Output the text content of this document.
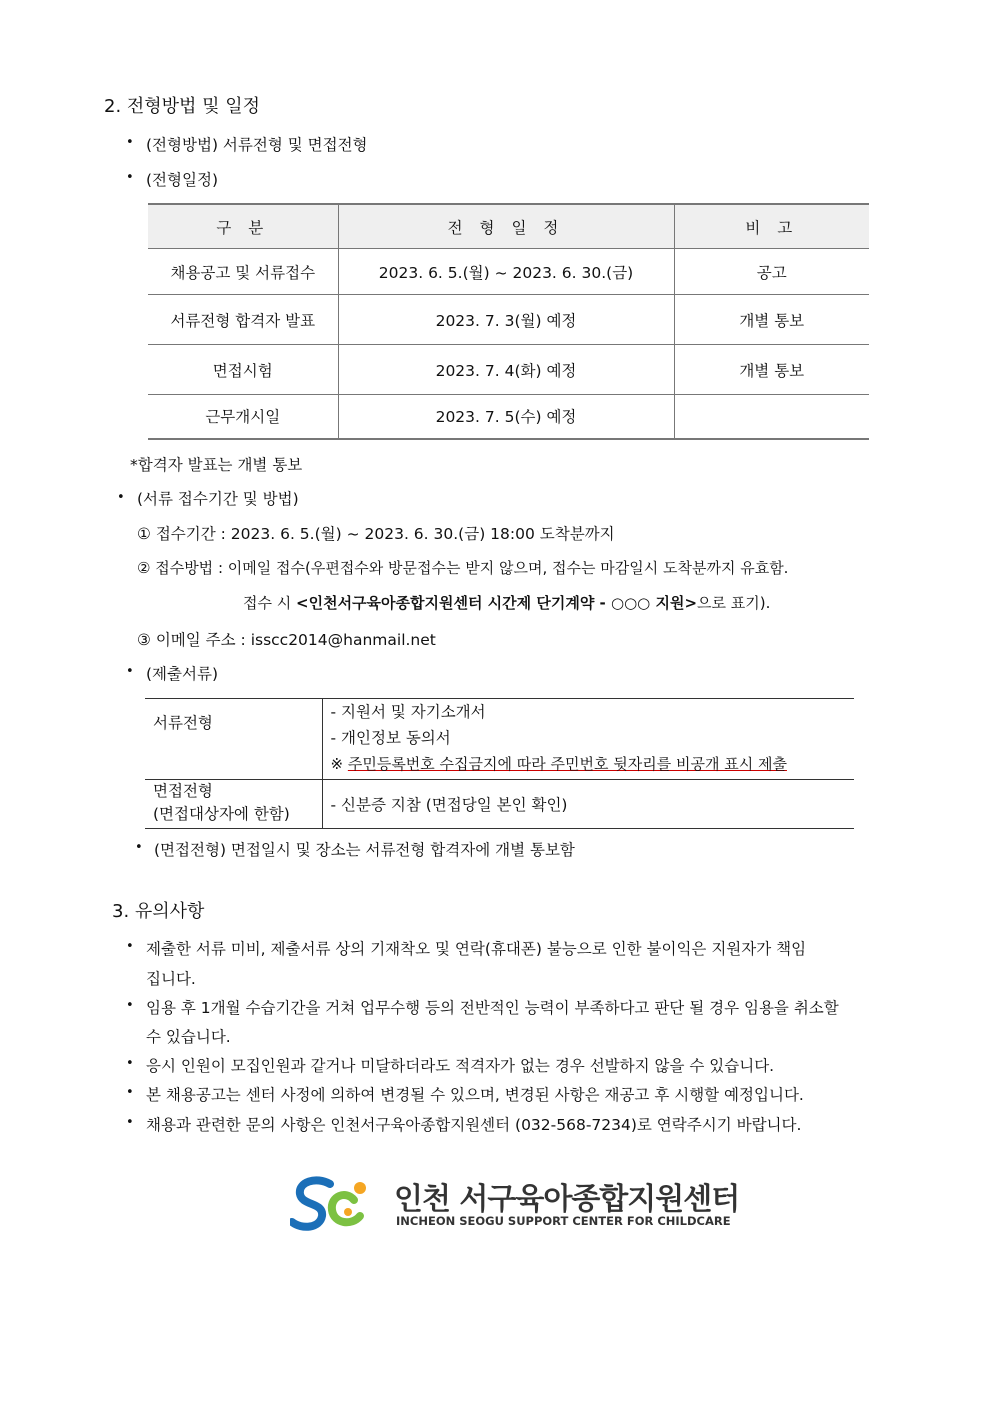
2. 전형방법 및 일정
• (전형방법) 서류전형 및 면접전형
• (전형일정)
구 분	전 형 일 정	비 고
채용공고 및 서류접수	2023. 6. 5.(월) ~ 2023. 6. 30.(금)	공고
서류전형 합격자 발표	2023. 7. 3(월) 예정	개별 통보
면접시험	2023. 7. 4(화) 예정	개별 통보
근무개시일	2023. 7. 5(수) 예정	
*합격자 발표는 개별 통보
• (서류 접수기간 및 방법)
① 접수기간 : 2023. 6. 5.(월) ~ 2023. 6. 30.(금) 18:00 도착분까지
② 접수방법 : 이메일 접수(우편접수와 방문접수는 받지 않으며, 접수는 마감일시 도착분까지 유효함.
접수 시 <인천서구육아종합지원센터 시간제 단기계약 - ○○○ 지원>으로 표기).
③ 이메일 주소 : isscc2014@hanmail.net
• (제출서류)
서류전형	- 지원서 및 자기소개서
- 개인정보 동의서
※ 주민등록번호 수집금지에 따라 주민번호 뒷자리를 비공개 표시 제출

면접전형
(면접대상자에 한함)	- 신분증 지참 (면접당일 본인 확인)
• (면접전형) 면접일시 및 장소는 서류전형 합격자에 개별 통보함
3. 유의사항
• 제출한 서류 미비, 제출서류 상의 기재착오 및 연락(휴대폰) 불능으로 인한 불이익은 지원자가 책임
집니다.
• 임용 후 1개월 수습기간을 거쳐 업무수행 등의 전반적인 능력이 부족하다고 판단 될 경우 임용을 취소할
수 있습니다.
• 응시 인원이 모집인원과 같거나 미달하더라도 적격자가 없는 경우 선발하지 않을 수 있습니다.
• 본 채용공고는 센터 사정에 의하여 변경될 수 있으며, 변경된 사항은 재공고 후 시행할 예정입니다.
• 채용과 관련한 문의 사항은 인천서구육아종합지원센터 (032-568-7234)로 연락주시기 바랍니다.
인천 서구육아종합지원센터
INCHEON SEOGU SUPPORT CENTER FOR CHILDCARE
